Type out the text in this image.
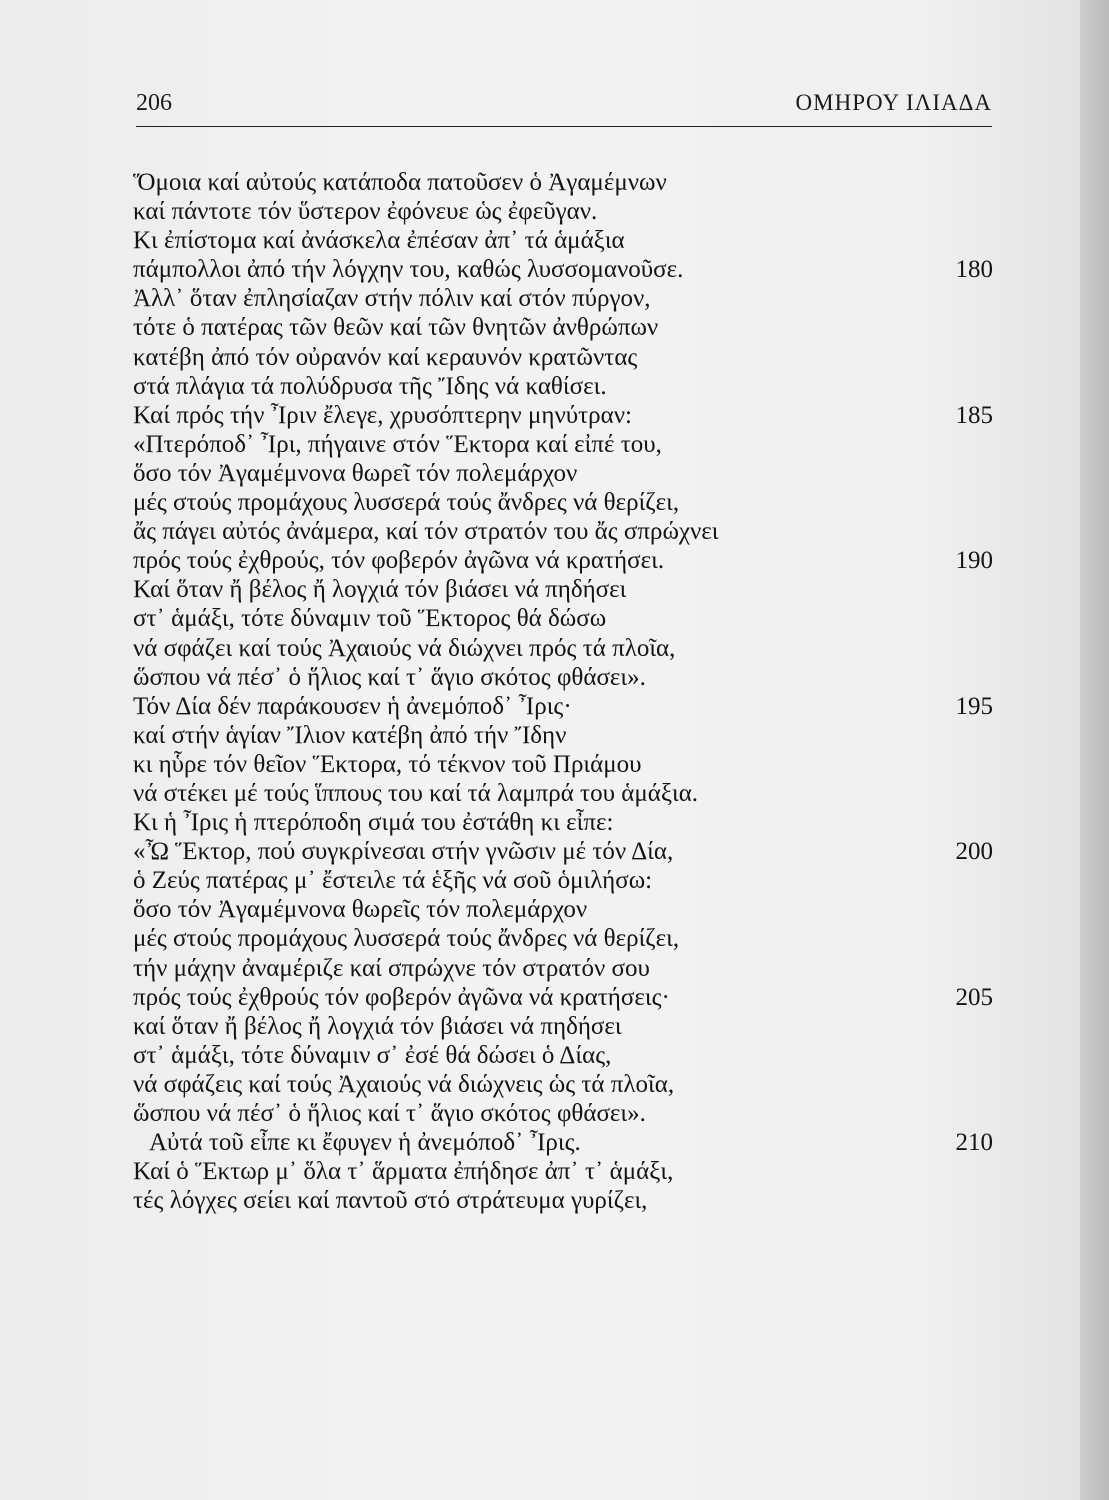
206	ΟΜΗΡΟΥ ΙΛΙΑΔΑ
Ὅμοια καί αὐτούς κατάποδα πατοῦσεν ὁ Ἀγαμέμνων
καί πάντοτε τόν ὕστερον ἐφόνευε ὡς ἐφεῦγαν.
Κι ἐπίστομα καί ἀνάσκελα ἐπέσαν ἀπ᾽ τά ἁμάξια
πάμπολλοι ἀπό τήν λόγχην του, καθώς λυσσομανοῦσε.	180
Ἀλλ᾽ ὅταν ἐπλησίαζαν στήν πόλιν καί στόν πύργον,
τότε ὁ πατέρας τῶν θεῶν καί τῶν θνητῶν ἀνθρώπων
κατέβη ἀπό τόν οὐρανόν καί κεραυνόν κρατῶντας
στά πλάγια τά πολύδρυσα τῆς Ἴδης νά καθίσει.
Καί πρός τήν Ἶριν ἔλεγε, χρυσόπτερην μηνύτραν:	185
«Πτερόποδ᾽ Ἶρι, πήγαινε στόν Ἕκτορα καί εἰπέ του,
ὅσο τόν Ἀγαμέμνονα θωρεῖ τόν πολεμάρχον
μές στούς προμάχους λυσσερά τούς ἄνδρες νά θερίζει,
ἄς πάγει αὐτός ἀνάμερα, καί τόν στρατόν του ἄς σπρώχνει
πρός τούς ἐχθρούς, τόν φοβερόν ἀγῶνα νά κρατήσει.	190
Καί ὅταν ἤ βέλος ἤ λογχιά τόν βιάσει νά πηδήσει
στ᾽ ἁμάξι, τότε δύναμιν τοῦ Ἕκτορος θά δώσω
νά σφάζει καί τούς Ἀχαιούς νά διώχνει πρός τά πλοῖα,
ὥσπου νά πέσ᾽ ὁ ἥλιος καί τ᾽ ἅγιο σκότος φθάσει».
Τόν Δία δέν παράκουσεν ἡ ἀνεμόποδ᾽ Ἶρις·	195
καί στήν ἁγίαν Ἴλιον κατέβη ἀπό τήν Ἴδην
κι ηὗρε τόν θεῖον Ἕκτορα, τό τέκνον τοῦ Πριάμου
νά στέκει μέ τούς ἵππους του καί τά λαμπρά του ἁμάξια.
Κι ἡ Ἶρις ἡ πτερόποδη σιμά του ἐστάθη κι εἶπε:
«Ὦ Ἕκτορ, πού συγκρίνεσαι στήν γνῶσιν μέ τόν Δία,	200
ὁ Ζεύς πατέρας μ᾽ ἔστειλε τά ἑξῆς νά σοῦ ὁμιλήσω:
ὅσο τόν Ἀγαμέμνονα θωρεῖς τόν πολεμάρχον
μές στούς προμάχους λυσσερά τούς ἄνδρες νά θερίζει,
τήν μάχην ἀναμέριζε καί σπρώχνε τόν στρατόν σου
πρός τούς ἐχθρούς τόν φοβερόν ἀγῶνα νά κρατήσεις·	205
καί ὅταν ἤ βέλος ἤ λογχιά τόν βιάσει νά πηδήσει
στ᾽ ἁμάξι, τότε δύναμιν σ᾽ ἐσέ θά δώσει ὁ Δίας,
νά σφάζεις καί τούς Ἀχαιούς νά διώχνεις ὡς τά πλοῖα,
ὥσπου νά πέσ᾽ ὁ ἥλιος καί τ᾽ ἅγιο σκότος φθάσει».
Αὐτά τοῦ εἶπε κι ἔφυγεν ἡ ἀνεμόποδ᾽ Ἶρις.	210
Καί ὁ Ἕκτωρ μ᾽ ὅλα τ᾽ ἅρματα ἐπήδησε ἀπ᾽ τ᾽ ἁμάξι,
τές λόγχες σείει καί παντοῦ στό στράτευμα γυρίζει,
